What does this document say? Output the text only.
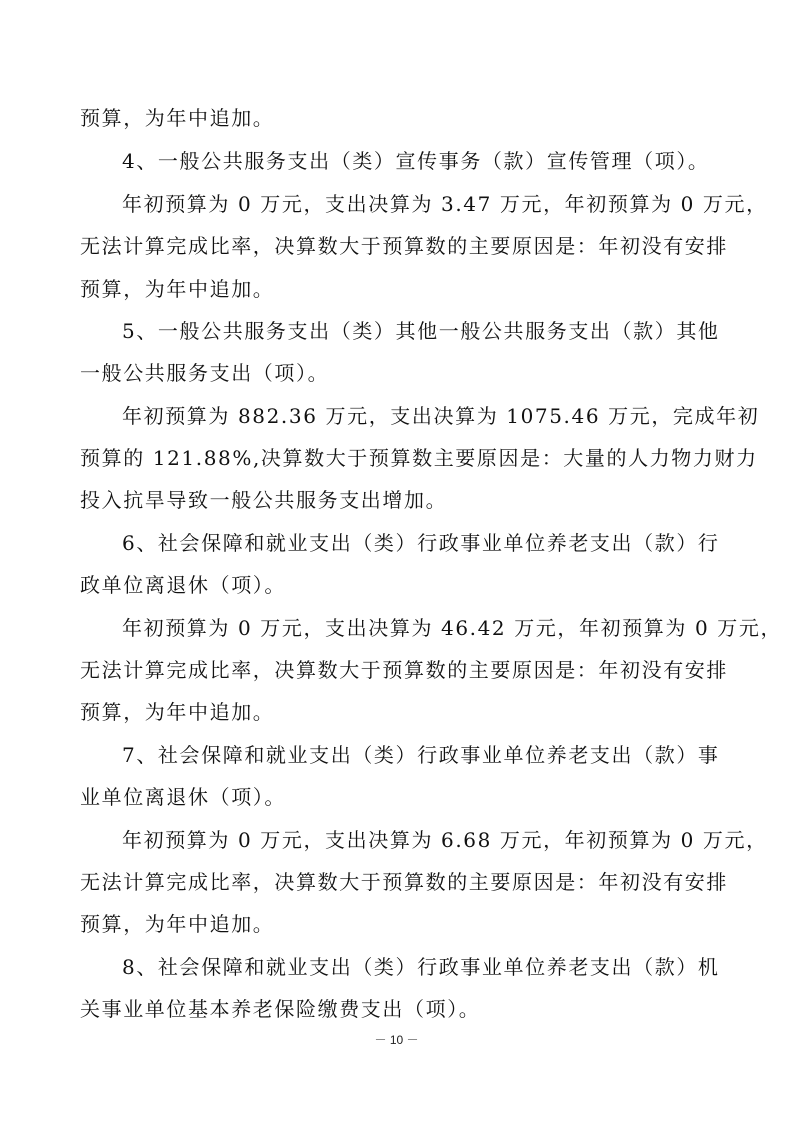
预算，为年中追加。
4、一般公共服务支出（类）宣传事务（款）宣传管理（项）。
年初预算为 0 万元，支出决算为 3.47 万元，年初预算为 0 万元，
无法计算完成比率，决算数大于预算数的主要原因是：年初没有安排
预算，为年中追加。
5、一般公共服务支出（类）其他一般公共服务支出（款）其他
一般公共服务支出（项）。
年初预算为 882.36 万元，支出决算为 1075.46 万元，完成年初
预算的 121.88%,决算数大于预算数主要原因是：大量的人力物力财力
投入抗旱导致一般公共服务支出增加。
6、社会保障和就业支出（类）行政事业单位养老支出（款）行
政单位离退休（项）。
年初预算为 0 万元，支出决算为 46.42 万元，年初预算为 0 万元，
无法计算完成比率，决算数大于预算数的主要原因是：年初没有安排
预算，为年中追加。
7、社会保障和就业支出（类）行政事业单位养老支出（款）事
业单位离退休（项）。
年初预算为 0 万元，支出决算为 6.68 万元，年初预算为 0 万元，
无法计算完成比率，决算数大于预算数的主要原因是：年初没有安排
预算，为年中追加。
8、社会保障和就业支出（类）行政事业单位养老支出（款）机
关事业单位基本养老保险缴费支出（项）。
－ 10 －
